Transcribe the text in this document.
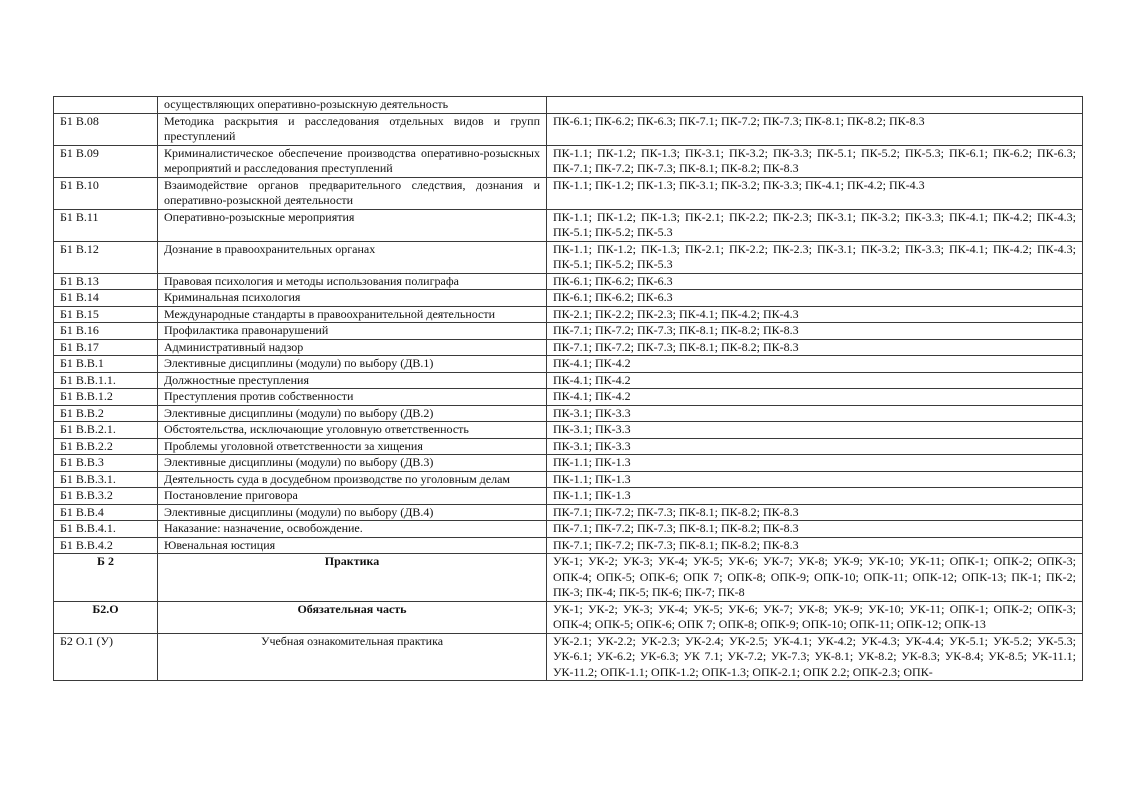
	осуществляющих оперативно-розыскную деятельность	
Б1 В.08	Методика раскрытия и расследования отдельных видов и групп преступлений	ПК-6.1; ПК-6.2; ПК-6.3; ПК-7.1; ПК-7.2; ПК-7.3; ПК-8.1; ПК-8.2; ПК-8.3
Б1 В.09	Криминалистическое обеспечение производства оперативно-розыскных мероприятий и расследования преступлений	ПК-1.1; ПК-1.2; ПК-1.3; ПК-3.1; ПК-3.2; ПК-3.3; ПК-5.1; ПК-5.2; ПК-5.3; ПК-6.1; ПК-6.2; ПК-6.3; ПК-7.1; ПК-7.2; ПК-7.3; ПК-8.1; ПК-8.2; ПК-8.3
Б1 В.10	Взаимодействие органов предварительного следствия, дознания и оперативно-розыскной деятельности	ПК-1.1; ПК-1.2; ПК-1.3; ПК-3.1; ПК-3.2; ПК-3.3; ПК-4.1; ПК-4.2; ПК-4.3
Б1 В.11	Оперативно-розыскные мероприятия	ПК-1.1; ПК-1.2; ПК-1.3; ПК-2.1; ПК-2.2; ПК-2.3; ПК-3.1; ПК-3.2; ПК-3.3; ПК-4.1; ПК-4.2; ПК-4.3; ПК-5.1; ПК-5.2; ПК-5.3
Б1 В.12	Дознание в правоохранительных органах	ПК-1.1; ПК-1.2; ПК-1.3; ПК-2.1; ПК-2.2; ПК-2.3; ПК-3.1; ПК-3.2; ПК-3.3; ПК-4.1; ПК-4.2; ПК-4.3; ПК-5.1; ПК-5.2; ПК-5.3
Б1 В.13	Правовая психология и методы использования полиграфа	ПК-6.1; ПК-6.2; ПК-6.3
Б1 В.14	Криминальная психология	ПК-6.1; ПК-6.2; ПК-6.3
Б1 В.15	Международные стандарты в правоохранительной деятельности	ПК-2.1; ПК-2.2; ПК-2.3; ПК-4.1; ПК-4.2; ПК-4.3
Б1 В.16	Профилактика правонарушений	ПК-7.1; ПК-7.2; ПК-7.3; ПК-8.1; ПК-8.2; ПК-8.3
Б1 В.17	Административный надзор	ПК-7.1; ПК-7.2; ПК-7.3; ПК-8.1; ПК-8.2; ПК-8.3
Б1 В.В.1	Элективные дисциплины (модули) по выбору (ДВ.1)	ПК-4.1; ПК-4.2
Б1 В.В.1.1.	Должностные преступления	ПК-4.1; ПК-4.2
Б1 В.В.1.2	Преступления против собственности	ПК-4.1; ПК-4.2
Б1 В.В.2	Элективные дисциплины (модули) по выбору (ДВ.2)	ПК-3.1; ПК-3.3
Б1 В.В.2.1.	Обстоятельства, исключающие уголовную ответственность	ПК-3.1; ПК-3.3
Б1 В.В.2.2	Проблемы уголовной ответственности за хищения	ПК-3.1; ПК-3.3
Б1 В.В.3	Элективные дисциплины (модули) по выбору (ДВ.3)	ПК-1.1; ПК-1.3
Б1 В.В.3.1.	Деятельность суда в досудебном производстве по уголовным делам	ПК-1.1; ПК-1.3
Б1 В.В.3.2	Постановление приговора	ПК-1.1; ПК-1.3
Б1 В.В.4	Элективные дисциплины (модули) по выбору (ДВ.4)	ПК-7.1; ПК-7.2; ПК-7.3; ПК-8.1; ПК-8.2; ПК-8.3
Б1 В.В.4.1.	Наказание: назначение, освобождение.	ПК-7.1; ПК-7.2; ПК-7.3; ПК-8.1; ПК-8.2; ПК-8.3
Б1 В.В.4.2	Ювенальная юстиция	ПК-7.1; ПК-7.2; ПК-7.3; ПК-8.1; ПК-8.2; ПК-8.3
Б 2	Практика	УК-1; УК-2; УК-3; УК-4; УК-5; УК-6; УК-7; УК-8; УК-9; УК-10; УК-11; ОПК-1; ОПК-2; ОПК-3; ОПК-4; ОПК-5; ОПК-6; ОПК 7; ОПК-8; ОПК-9; ОПК-10; ОПК-11; ОПК-12; ОПК-13; ПК-1; ПК-2; ПК-3; ПК-4; ПК-5; ПК-6; ПК-7; ПК-8
Б2.О	Обязательная часть	УК-1; УК-2; УК-3; УК-4; УК-5; УК-6; УК-7; УК-8; УК-9; УК-10; УК-11; ОПК-1; ОПК-2; ОПК-3; ОПК-4; ОПК-5; ОПК-6; ОПК 7; ОПК-8; ОПК-9; ОПК-10; ОПК-11; ОПК-12; ОПК-13
Б2 О.1 (У)	Учебная ознакомительная практика	УК-2.1; УК-2.2; УК-2.3; УК-2.4; УК-2.5; УК-4.1; УК-4.2; УК-4.3; УК-4.4; УК-5.1; УК-5.2; УК-5.3; УК-6.1; УК-6.2; УК-6.3; УК 7.1; УК-7.2; УК-7.3; УК-8.1; УК-8.2; УК-8.3; УК-8.4; УК-8.5; УК-11.1; УК-11.2; ОПК-1.1; ОПК-1.2; ОПК-1.3; ОПК-2.1; ОПК 2.2; ОПК-2.3; ОПК-
